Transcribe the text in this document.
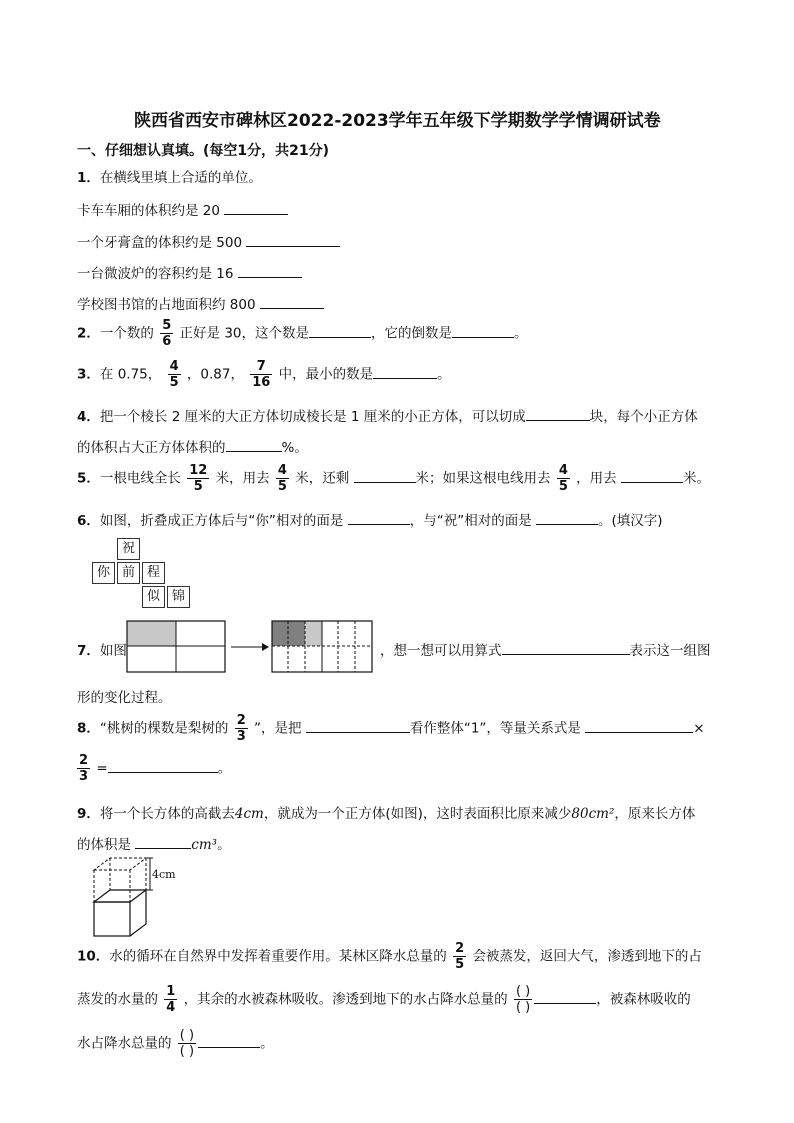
陕西省西安市碑林区2022-2023学年五年级下学期数学学情调研试卷
一、仔细想认真填。(每空1分，共21分)
1．在横线里填上合适的单位。
卡车车厢的体积约是 20
一个牙膏盒的体积约是 500
一台微波炉的容积约是 16
学校图书馆的占地面积约 800
2．一个数的 $\frac{5}{6}$ 正好是 30，这个数是	，它的倒数是	。
3．在 0.75， $\frac{4}{5}$ ，0.87， $\frac{7}{16}$ 中，最小的数是	。
4．把一个棱长 2 厘米的大正方体切成棱长是 1 厘米的小正方体，可以切成	块，每个小正方体
的体积占大正方体体积的	%。
5．一根电线全长 $\frac{12}{5}$ 米，用去 $\frac{4}{5}$ 米，还剩	米；如果这根电线用去 $\frac{4}{5}$ ，用去	米。
6．如图，折叠成正方体后与“你”相对的面是	，与“祝”相对的面是	。(填汉字)
祝
你 前 程
似 锦
7．如图	，想一想可以用算式	表示这一组图
形的变化过程。
8．“桃树的棵数是梨树的 $\frac{2}{3}$ ”，是把	看作整体“1”，等量关系式是	×
$\frac{2}{3}$ =	。
9．将一个长方体的高截去4cm，就成为一个正方体(如图)，这时表面积比原来减少80cm²，原来长方体
的体积是	cm³。
4cm
10．水的循环在自然界中发挥着重要作用。某林区降水总量的 $\frac{2}{5}$ 会被蒸发，返回大气，渗透到地下的占
蒸发的水量的 $\frac{1}{4}$ ，其余的水被森林吸收。渗透到地下的水占降水总量的 $\frac{( )}{( )}$	，被森林吸收的
水占降水总量的 $\frac{( )}{( )}$	。
